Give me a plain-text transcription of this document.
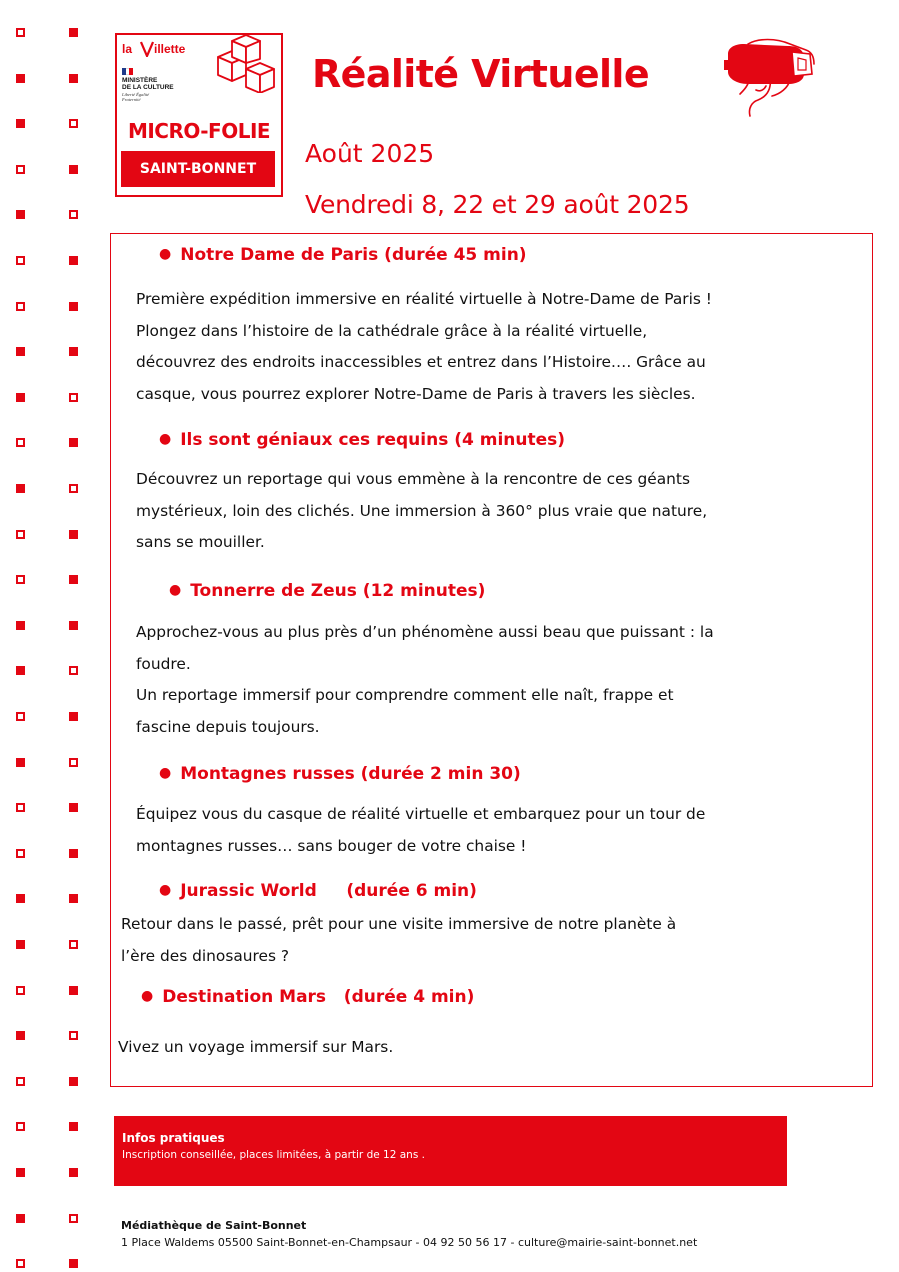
la illette
MINISTÈRE
DE LA CULTURE
Liberté Égalité Fraternité
MICRO-FOLIE
SAINT-BONNET
Réalité Virtuelle
Août 2025
Vendredi 8, 22 et 29 août 2025
● Notre Dame de Paris (durée 45 min)
Première expédition immersive en réalité virtuelle à Notre-Dame de Paris !
Plongez dans l’histoire de la cathédrale grâce à la réalité virtuelle,
découvrez des endroits inaccessibles et entrez dans l’Histoire…. Grâce au
casque, vous pourrez explorer Notre-Dame de Paris à travers les siècles.
● Ils sont géniaux ces requins (4 minutes)
Découvrez un reportage qui vous emmène à la rencontre de ces géants
mystérieux, loin des clichés. Une immersion à 360° plus vraie que nature,
sans se mouiller.
● Tonnerre de Zeus (12 minutes)
Approchez-vous au plus près d’un phénomène aussi beau que puissant : la
foudre.
Un reportage immersif pour comprendre comment elle naît, frappe et
fascine depuis toujours.
● Montagnes russes (durée 2 min 30)
Équipez vous du casque de réalité virtuelle et embarquez pour un tour de
montagnes russes… sans bouger de votre chaise !
● Jurassic World     (durée 6 min)
Retour dans le passé, prêt pour une visite immersive de notre planète à
l’ère des dinosaures ?
● Destination Mars   (durée 4 min)
Vivez un voyage immersif sur Mars.
Infos pratiques
Inscription conseillée, places limitées, à partir de 12 ans .
Médiathèque de Saint-Bonnet
1 Place Waldems 05500 Saint-Bonnet-en-Champsaur - 04 92 50 56 17 - culture@mairie-saint-bonnet.net
